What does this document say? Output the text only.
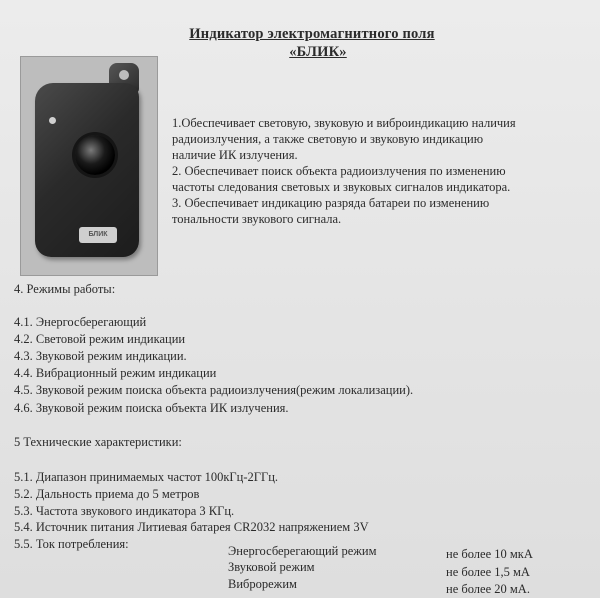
Индикатор электромагнитного поля
«БЛИК»
БЛИК
1.Обеспечивает световую, звуковую и виброиндикацию наличия
радиоизлучения, а также световую и звуковую индикацию
наличие ИК излучения.
2. Обеспечивает поиск объекта радиоизлучения по изменению
частоты следования световых и звуковых сигналов индикатора.
3. Обеспечивает индикацию разряда батареи по изменению
тональности звукового сигнала.
4. Режимы работы:
4.1. Энергосберегающий
4.2. Световой режим индикации
4.3. Звуковой режим индикации.
4.4. Вибрационный режим индикации
4.5. Звуковой режим поиска объекта радиоизлучения(режим локализации).
4.6. Звуковой режим поиска объекта ИК излучения.
5 Технические характеристики:
5.1. Диапазон принимаемых частот 100кГц-2ГГц.
5.2. Дальность приема до 5 метров
5.3. Частота звукового индикатора 3 КГц.
5.4. Источник питания Литиевая батарея CR2032 напряжением 3V
5.5. Ток потребления:	Энергосберегающий режим	не более 10 мкА
Звуковой режим	не более 1,5 мА
Виброрежим	не более 20 мА.
